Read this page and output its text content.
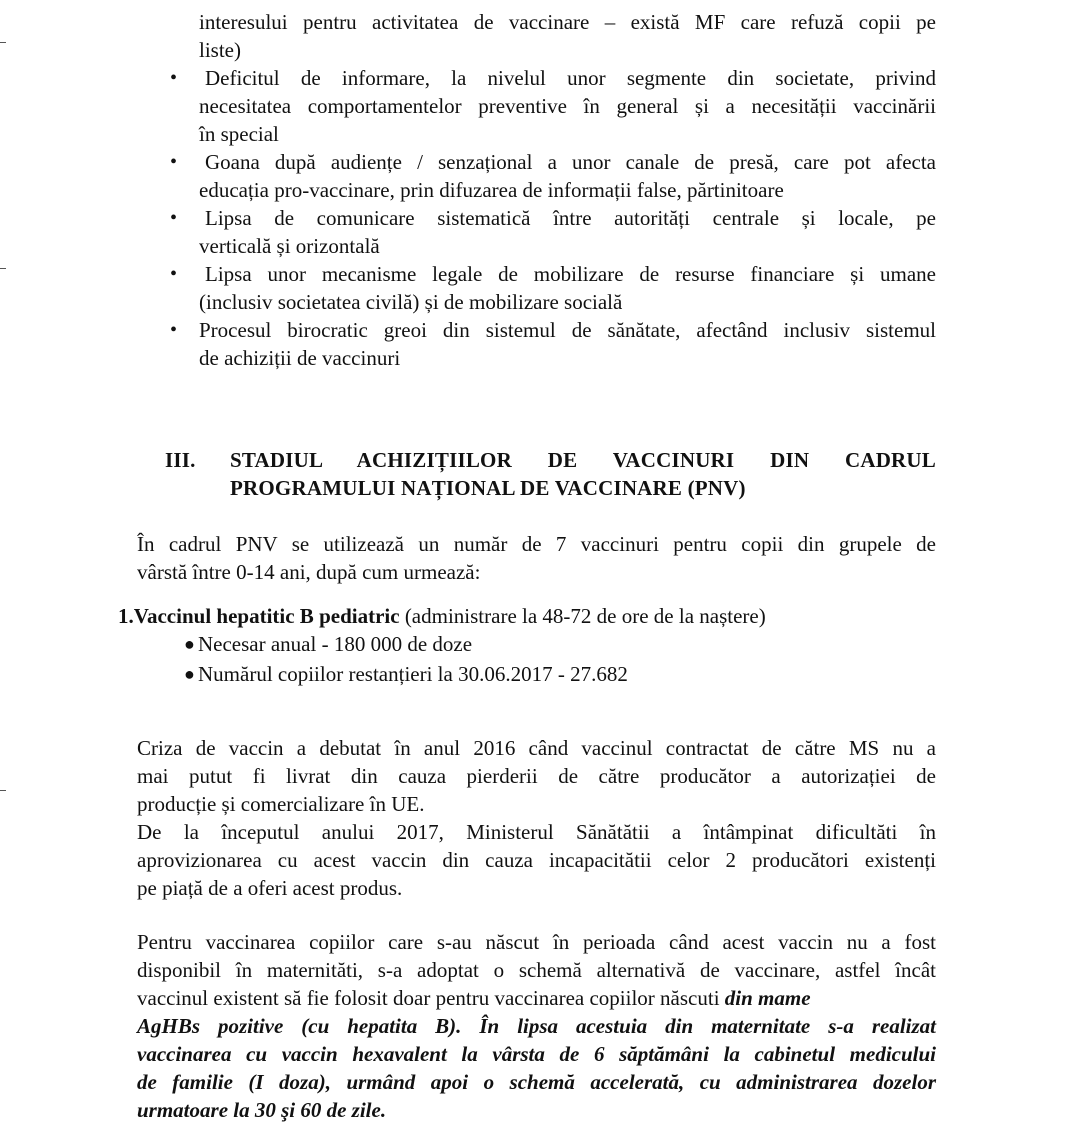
interesului pentru activitatea de vaccinare – există MF care refuză copii pe
liste)
• Deficitul de informare, la nivelul unor segmente din societate, privind
necesitatea comportamentelor preventive în general și a necesității vaccinării
în special
• Goana după audiențe / senzațional a unor canale de presă, care pot afecta
educația pro-vaccinare, prin difuzarea de informații false, părtinitoare
• Lipsa de comunicare sistematică între autorități centrale și locale, pe
verticală și orizontală
• Lipsa unor mecanisme legale de mobilizare de resurse financiare și umane
(inclusiv societatea civilă) și de mobilizare socială
• Procesul birocratic greoi din sistemul de sănătate, afectând inclusiv sistemul
de achiziții de vaccinuri
III. STADIUL ACHIZIȚIILOR DE VACCINURI DIN CADRUL
PROGRAMULUI NAȚIONAL DE VACCINARE (PNV)
În cadrul PNV se utilizează un număr de 7 vaccinuri pentru copii din grupele de
vârstă între 0-14 ani, după cum urmează:
1.Vaccinul hepatitic B pediatric (administrare la 48-72 de ore de la naștere)
● Necesar anual - 180 000 de doze
● Numărul copiilor restanțieri la 30.06.2017 - 27.682
Criza de vaccin a debutat în anul 2016 când vaccinul contractat de către MS nu a
mai putut fi livrat din cauza pierderii de către producător a autorizației de
producție și comercializare în UE.
De la începutul anului 2017, Ministerul Sănătătii a întâmpinat dificultăti în
aprovizionarea cu acest vaccin din cauza incapacitătii celor 2 producători existenți
pe piață de a oferi acest produs.
Pentru vaccinarea copiilor care s-au născut în perioada când acest vaccin nu a fost
disponibil în maternităti, s-a adoptat o schemă alternativă de vaccinare, astfel încât
vaccinul existent să fie folosit doar pentru vaccinarea copiilor născuti din mame
AgHBs pozitive (cu hepatita B). În lipsa acestuia din maternitate s-a realizat
vaccinarea cu vaccin hexavalent la vârsta de 6 săptămâni la cabinetul medicului
de familie (I doza), urmând apoi o schemă accelerată, cu administrarea dozelor
urmatoare la 30 şi 60 de zile.
